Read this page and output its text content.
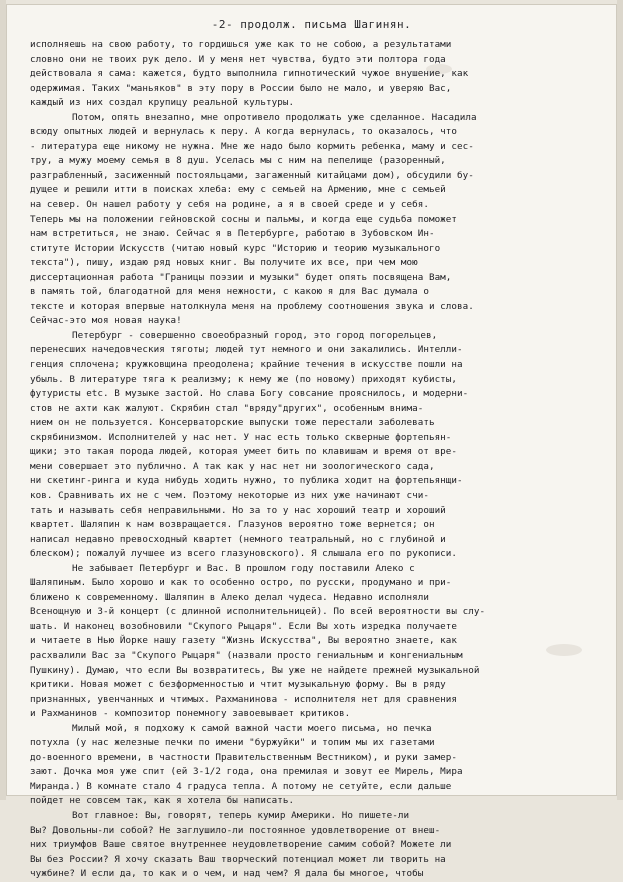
-2- продолж. письма Шагинян.
исполняешь на свою работу, то гордишься уже как то не собою, а результатами
словно они не твоих рук дело. И у меня нет чувства, будто эти полтора года
действовала я сама: кажется, будто выполнила гипнотический чужое внушение, как
одержимая. Таких "маньяков" в эту пору в России было не мало, и уверяю Вас,
каждый из них создал крупицу реальной культуры.
Потом, опять внезапно, мне опротивело продолжать уже сделанное. Насадила
всюду опытных людей и вернулась к перу. А когда вернулась, то оказалось, что
- литература еще никому не нужна. Мне же надо было кормить ребенка, маму и сес-
тру, а мужу моему семья в 8 душ. Уселась мы с ним на пепелище (разоренный,
разграбленный, засиженный постояльцами, загаженный китайцами дом), обсудили бу-
дущее и решили итти в поисках хлеба: ему с семьей на Армению, мне с семьей
на север. Он нашел работу у себя на родине, а я в своей среде и у себя.
Теперь мы на положении гейновской сосны и пальмы, и когда еще судьба поможет
нам встретиться, не знаю. Сейчас я в Петербурге, работаю в Зубовском Ин-
ституте Истории Искусств (читаю новый курс "Историю и теорию музыкального
текста"), пишу, издаю ряд новых книг. Вы получите их все, при чем мою
диссертационная работа "Границы поэзии и музыки" будет опять посвящена Вам,
в память той, благодатной для меня нежности, с какою я для Вас думала о
тексте и которая впервые натолкнула меня на проблему соотношения звука и слова.
Сейчас-это моя новая наука!
Петербург - совершенно своеобразный город, это город погорельцев,
перенесших начедовческия тяготы; людей тут немного и они закалились. Интелли-
генция сплочена; кружковщина преодолена; крайние течения в искусстве пошли на
убыль. В литературе тяга к реализму; к нему же (по новому) приходят кубисты,
футуристы etc. В музыке застой. Но слава Богу совсание прояснилось, и модерни-
стов не ахти как жалуют. Скрябин стал "вряду"других", особенным внима-
нием он не пользуется. Консерваторские выпуски тоже перестали заболевать
скрябинизмом. Исполнителей у нас нет. У нас есть только скверные фортепьян-
щики; это такая порода людей, которая умеет бить по клавишам и время от вре-
мени совершает это публично. А так как у нас нет ни зоологического сада,
ни скетинг-ринга и куда нибудь ходить нужно, то публика ходит на фортепьянщи-
ков. Сравнивать их не с чем. Поэтому некоторые из них уже начинают счи-
тать и называть себя неправильными. Но за то у нас хороший театр и хороший
квартет. Шаляпин к нам возвращается. Глазунов вероятно тоже вернется; он
написал недавно превосходный квартет (немного театральный, но с глубиной и
блеском); пожалуй лучшее из всего глазуновского). Я слышала его по рукописи.
Не забывает Петербург и Вас. В прошлом году поставили Алеко с
Шаляпиным. Было хорошо и как то особенно остро, по русски, продумано и при-
ближено к современному. Шаляпин в Алеко делал чудеса. Недавно исполняли
Всенощную и 3-й концерт (с длинной исполнительницей). По всей вероятности вы слу-
шать. И наконец возобновили "Скупого Рыцаря". Если Вы хоть изредка получаете
и читаете в Нью Йорке нашу газету "Жизнь Искусства", Вы вероятно знаете, как
расхвалили Вас за "Скупого Рыцаря" (назвали просто гениальным и конгениальным
Пушкину). Думаю, что если Вы возвратитесь, Вы уже не найдете прежней музыкальной
критики. Новая может с безформенностью и чтит музыкальную форму. Вы в ряду
признанных, увенчанных и чтимых. Рахманинова - исполнителя нет для сравнения
и Рахманинов - композитор понемногу завоевывает критиков.
Милый мой, я подхожу к самой важной части моего письма, но печка
потухла (у нас железные печки по имени "буржуйки" и топим мы их газетами
до-военного времени, в частности Правительственным Вестником), и руки замер-
зают. Дочка моя уже спит (ей 3-1/2 года, она премилая и зовут ее Мирель, Мира
Миранда.) В комнате стало 4 градуса тепла. А потому не сетуйте, если дальше
пойдет не совсем так, как я хотела бы написать.
Вот главное: Вы, говорят, теперь кумир Америки. Но пишете-ли
Вы? Довольны-ли собой? Не заглушило-ли постоянное удовлетворение от внеш-
них триумфов Ваше святое внутреннее неудовлетворение самим собой? Можете ли
Вы без России? Я хочу сказать Ваш творческий потенциал может ли творить на
чужбине? И если да, то как и о чем, и над чем? Я дала бы многое, чтобы
